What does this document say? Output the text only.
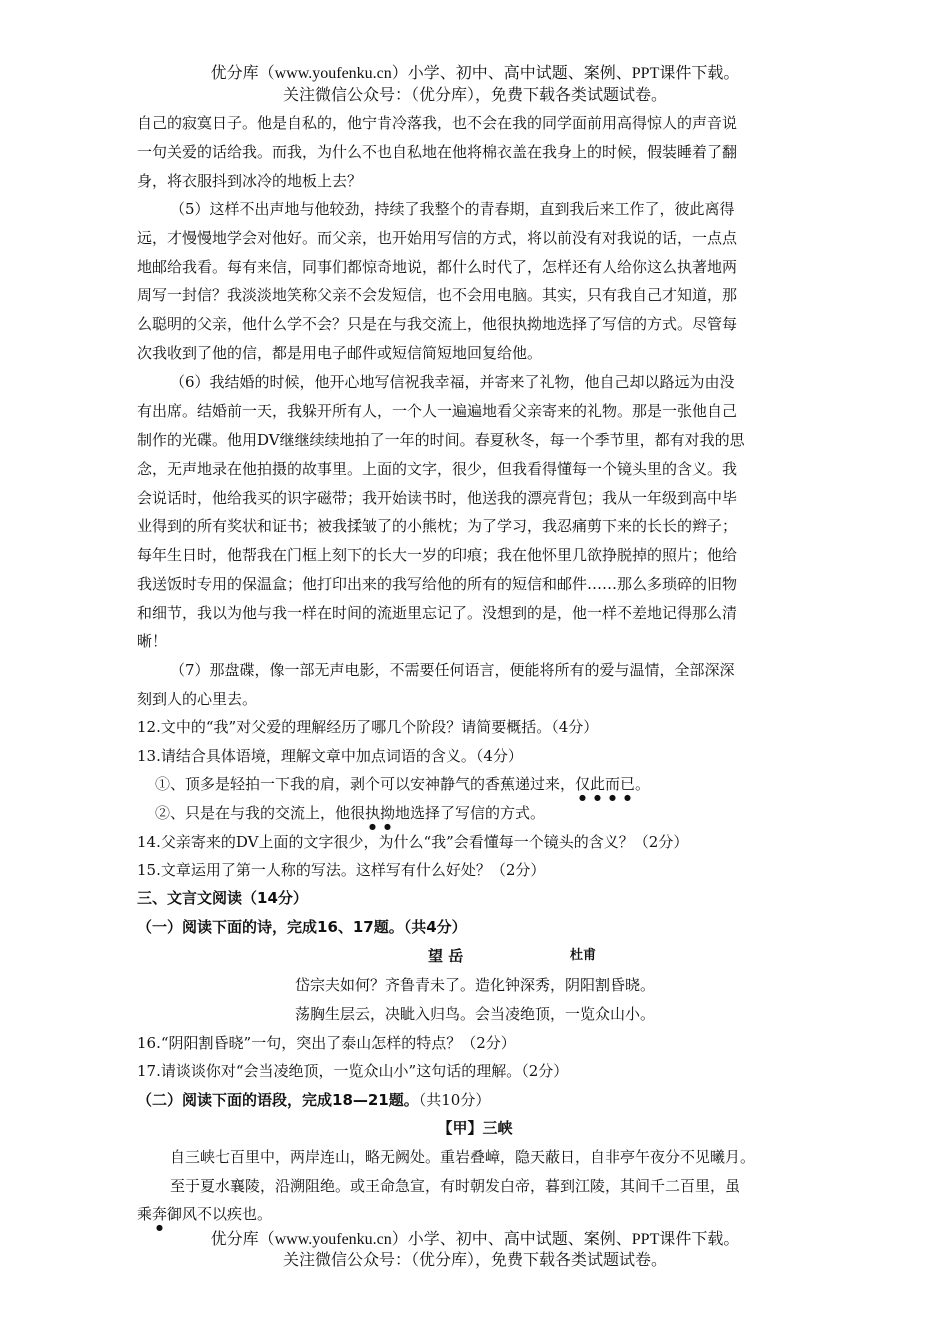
优分库（www.youfenku.cn）小学、初中、高中试题、案例、PPT课件下载。
关注微信公众号：（优分库），免费下载各类试题试卷。
自己的寂寞日子。他是自私的，他宁肯冷落我，也不会在我的同学面前用高得惊人的声音说
一句关爱的话给我。而我，为什么不也自私地在他将棉衣盖在我身上的时候，假装睡着了翻
身，将衣服抖到冰冷的地板上去？
（5）这样不出声地与他较劲，持续了我整个的青春期，直到我后来工作了，彼此离得
远，才慢慢地学会对他好。而父亲，也开始用写信的方式，将以前没有对我说的话，一点点
地邮给我看。每有来信，同事们都惊奇地说，都什么时代了，怎样还有人给你这么执著地两
周写一封信？我淡淡地笑称父亲不会发短信，也不会用电脑。其实，只有我自己才知道，那
么聪明的父亲，他什么学不会？只是在与我交流上，他很执拗地选择了写信的方式。尽管每
次我收到了他的信，都是用电子邮件或短信简短地回复给他。
（6）我结婚的时候，他开心地写信祝我幸福，并寄来了礼物，他自己却以路远为由没
有出席。结婚前一天，我躲开所有人，一个人一遍遍地看父亲寄来的礼物。那是一张他自己
制作的光碟。他用DV继继续续地拍了一年的时间。春夏秋冬，每一个季节里，都有对我的思
念，无声地录在他拍摄的故事里。上面的文字，很少，但我看得懂每一个镜头里的含义。我
会说话时，他给我买的识字磁带；我开始读书时，他送我的漂亮背包；我从一年级到高中毕
业得到的所有奖状和证书；被我揉皱了的小熊枕；为了学习，我忍痛剪下来的长长的辫子；
每年生日时，他帮我在门框上刻下的长大一岁的印痕；我在他怀里几欲挣脱掉的照片；他给
我送饭时专用的保温盒；他打印出来的我写给他的所有的短信和邮件……那么多琐碎的旧物
和细节，我以为他与我一样在时间的流逝里忘记了。没想到的是，他一样不差地记得那么清
晰！
（7）那盘碟，像一部无声电影，不需要任何语言，便能将所有的爱与温情，全部深深
刻到人的心里去。
12.文中的“我”对父爱的理解经历了哪几个阶段？请简要概括。（4分）
13.请结合具体语境，理解文章中加点词语的含义。（4分）
①、顶多是轻拍一下我的肩，剥个可以安神静气的香蕉递过来，仅此而已。
②、只是在与我的交流上，他很执拗地选择了写信的方式。
14.父亲寄来的DV上面的文字很少，为什么“我”会看懂每一个镜头的含义？（2分）
15.文章运用了第一人称的写法。这样写有什么好处？（2分）
三、文言文阅读（14分）
（一）阅读下面的诗，完成16、17题。（共4分）
望 岳	杜甫
岱宗夫如何？齐鲁青未了。造化钟深秀，阴阳割昏晓。
荡胸生层云，决眦入归鸟。会当凌绝顶，一览众山小。
16.“阴阳割昏晓”一句，突出了泰山怎样的特点？（2分）
17.请谈谈你对“会当凌绝顶，一览众山小”这句话的理解。（2分）
（二）阅读下面的语段，完成18—21题。（共10分）
【甲】三峡
自三峡七百里中，两岸连山，略无阙处。重岩叠嶂，隐天蔽日，自非亭午夜分不见曦月。
至于夏水襄陵，沿溯阻绝。或王命急宣，有时朝发白帝，暮到江陵，其间千二百里，虽
乘奔御风不以疾也。
优分库（www.youfenku.cn）小学、初中、高中试题、案例、PPT课件下载。
关注微信公众号：（优分库），免费下载各类试题试卷。
